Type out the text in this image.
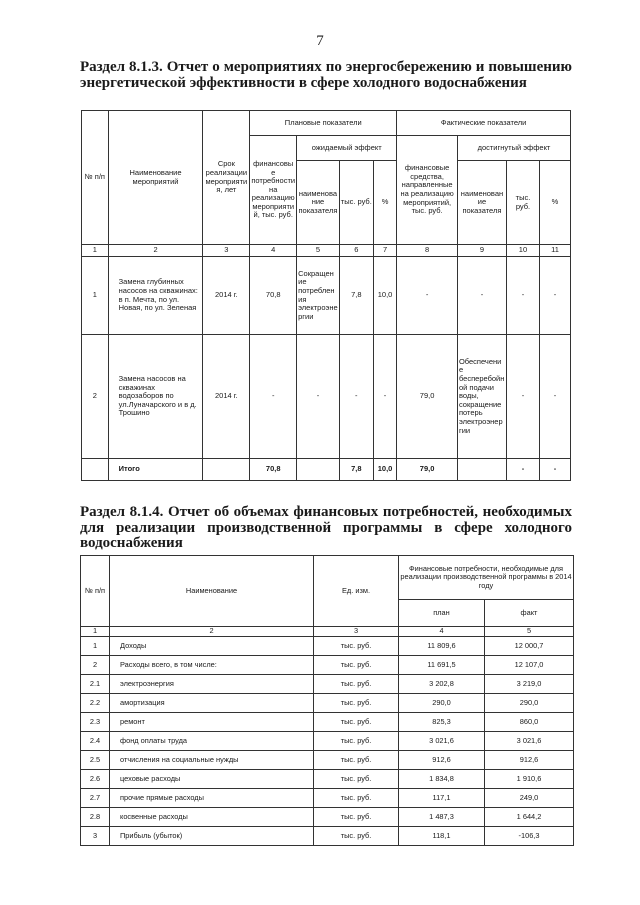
7
Раздел 8.1.3. Отчет о мероприятиях по энергосбережению и повышению энергетической эффективности в сфере холодного водоснабжения
№ п/п	Наименование мероприятий	Срок реализации мероприятия, лет	Плановые показатели				Фактические показатели			
			финансовые потребности на реализацию мероприятий, тыс. руб.	ожидаемый эффект			финансовые средства, направленные на реализацию мероприятий, тыс. руб.	достигнутый эффект		
				наименование показателя	тыс. руб.	%		наименование показателя	тыс. руб.	%
1	2	3	4	5	6	7	8	9	10	11
1	Замена глубинных насосов на скважинах: в п. Мечта, по ул. Новая, по ул. Зеленая	2014 г.	70,8	Сокращение потребления электроэнергии	7,8	10,0	-	-	-	-
2	Замена насосов на скважинах водозаборов по ул.Луначарского и в д. Трошино	2014 г.	-	-	-	-	79,0	Обеспечение бесперебойной подачи воды, сокращение потерь электроэнергии	-	-
	Итого		70,8		7,8	10,0	79,0		-	-
Раздел 8.1.4. Отчет об объемах финансовых потребностей, необходимых для реализации производственной программы в сфере холодного водоснабжения
№ п/п	Наименование	Ед. изм.	Финансовые потребности, необходимые для реализации производственной программы в 2014 году	
			план	факт
1	2	3	4	5
1	Доходы	тыс. руб.	11 809,6	12 000,7
2	Расходы всего, в том числе:	тыс. руб.	11 691,5	12 107,0
2.1	электроэнергия	тыс. руб.	3 202,8	3 219,0
2.2	амортизация	тыс. руб.	290,0	290,0
2.3	ремонт	тыс. руб.	825,3	860,0
2.4	фонд оплаты труда	тыс. руб.	3 021,6	3 021,6
2.5	отчисления на социальные нужды	тыс. руб.	912,6	912,6
2.6	цеховые расходы	тыс. руб.	1 834,8	1 910,6
2.7	прочие прямые расходы	тыс. руб.	117,1	249,0
2.8	косвенные расходы	тыс. руб.	1 487,3	1 644,2
3	Прибыль (убыток)	тыс. руб.	118,1	-106,3
